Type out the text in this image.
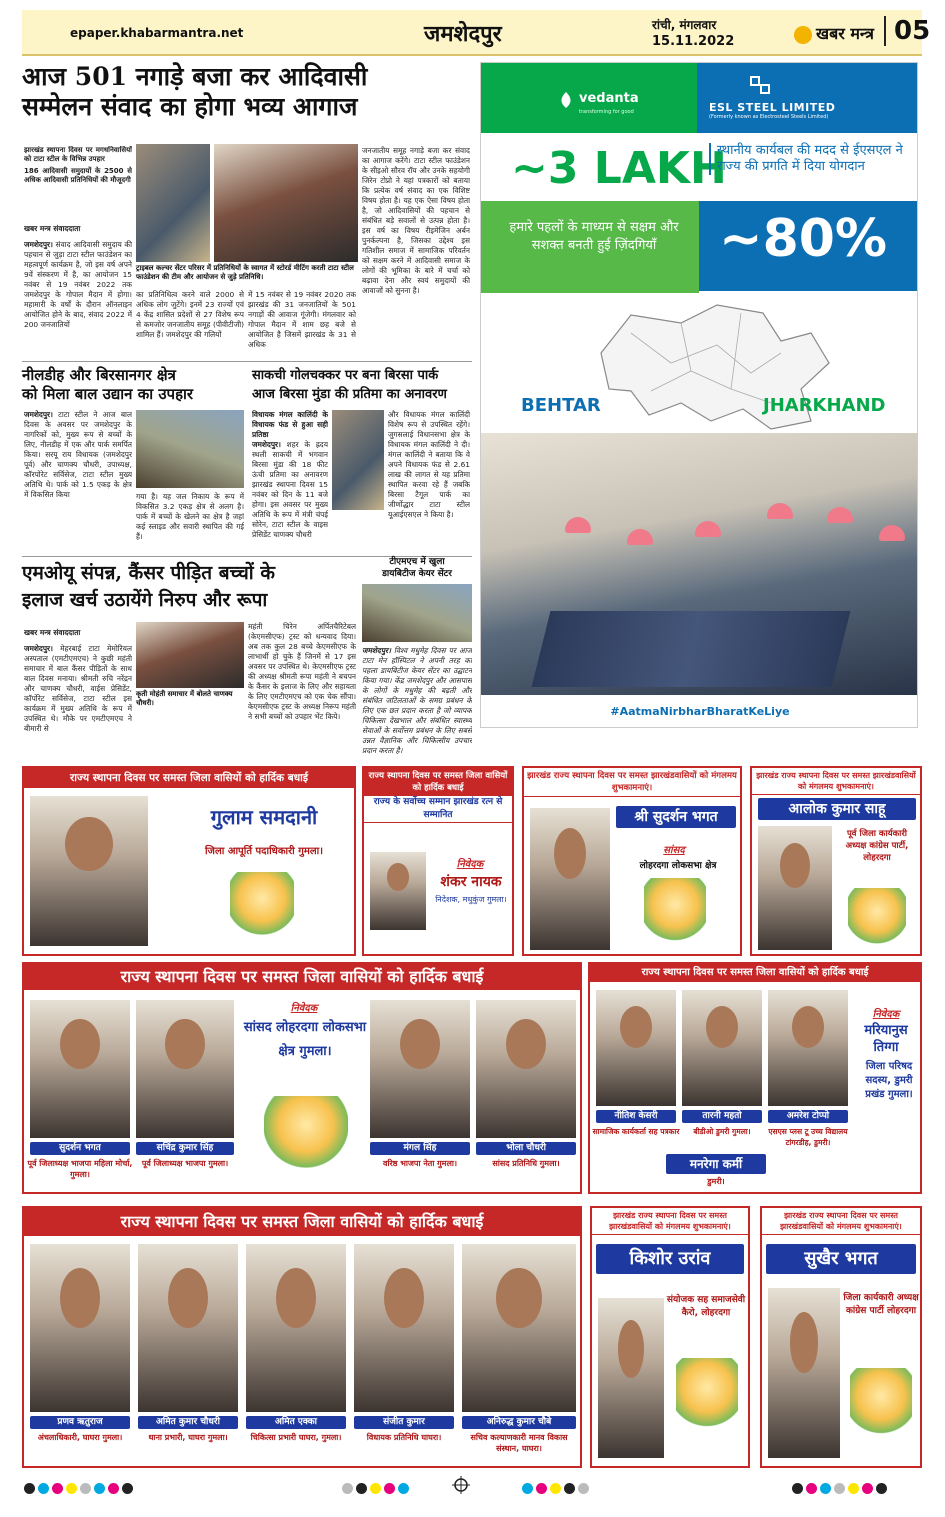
epaper.khabarmantra.net	जमशेदपुर	रांची, मंगलवार
15.11.2022	खबर मन्त्र 05
आज 501 नगाड़े बजा कर आदिवासी
सम्मेलन संवाद का होगा भव्य आगाज

झारखंड स्थापना दिवस पर मगधनिवासियों को टाटा स्टील के विभिन्न उपहार

186 आदिवासी समुदायों के 2500 से अधिक आदिवासी प्रतिनिधियों की मौजूदगी

खबर मन्त्र संवाददाता
जमशेदपुर। संवाद आदिवासी समुदाय की पहचान से जुड़ा टाटा स्टील फाउंडेशन का महत्वपूर्ण कार्यक्रम है, जो इस वर्ष अपने 9वें संस्करण में है, का आयोजन 15 नवंबर से 19 नवंबर 2022 तक जमशेदपुर के गोपाल मैदान में होगा। महामारी के वर्षों के दौरान ऑनलाइन आयोजित होने के बाद, संवाद 2022 में 200 जनजातियों
ट्राइबल कल्चर सेंटर परिसर में प्रतिनिधियों के स्वागत में स्टोरर्ड मीटिंग करती टाटा स्टील फाउंडेशन की टीम और आयोजन से जुड़े प्रतिनिधि।
का प्रतिनिधित्व करने वाले 2000 से अधिक लोग जुटेंगे। इनमें 23 राज्यों एवं 4 केंद्र शासित प्रदेशों से 27 विशेष रूप से कमजोर जनजातीय समूह (पीवीटीजी) शामिल हैं। जमशेदपुर की गलियों
में 15 नवंबर से 19 नवंबर 2020 तक झारखंड की 31 जनजातियों के 501 नगाड़ों की आवाज गूंजेगी। मंगलवार को गोपाल मैदान में शाम छह बजे से आयोजित है जिसमें झारखंड के 31 से अधिक
जनजातीय समूह नगाड़े बजा कर संवाद का आगाज करेंगे। टाटा स्टील फाउंडेशन के सीइओ सौरव रॉय और उनके सहयोगी जिरेन टोप्नो ने यहां पत्रकारों को बताया कि प्रत्येक वर्ष संवाद का एक विशिष्ट विषय होता है। यह एक ऐसा विषय होता है, जो आदिवासियों की पहचान से संबंधित बड़े सवालों से उत्पन्न होता है। इस वर्ष का विषय रीइमेजिन अर्बन पुनर्कल्पना है, जिसका उद्देश्य इस गतिशील समाज में सामाजिक परिवर्तन को सक्षम करने में आदिवासी समाज के लोगों की भूमिका के बारे में चर्चा को बढ़ावा देना और स्वयं समुदायों की आवाजों को सुनना है।
नीलडीह और बिरसानगर क्षेत्र
को मिला बाल उद्यान का उपहार
जमशेदपुर। टाटा स्टील ने आज बाल दिवस के अवसर पर जमशेदपुर के नागरिकों को, मुख्य रूप से बच्चों के लिए, नीलडीह में एक और पार्क समर्पित किया। सरयू राय विधायक (जमशेदपुर पूर्व) और चाणक्य चौधरी, उपाध्यक्ष, कॉरपोरेट सर्विसेज, टाटा स्टील मुख्य अतिथि थे। पार्क को 1.5 एकड़ के क्षेत्र में विकसित किया	गया है। यह जल निकाय के रूप में विकसित 3.2 एकड़ क्षेत्र से अलग है। पार्क में बच्चों के खेलने का क्षेत्र है जहां कई स्लाइड और सवारी स्थापित की गई हैं।
साकची गोलचक्कर पर बना बिरसा पार्क
आज बिरसा मुंडा की प्रतिमा का अनावरण
विधायक मंगल कालिंदी के विधायक फंड से हुआ सही प्रतिष्ठा
जमशेदपुर। शहर के ह्रदय स्थली साकची में भगवान बिरसा मुंडा की 18 फीट ऊंची प्रतिमा का अनावरण झारखंड स्थापना दिवस 15 नवंबर को दिन के 11 बजे होगा। इस अवसर पर मुख्य अतिथि के रूप में मंत्री चंपई सोरेन, टाटा स्टील के वाइस प्रेसिडेंट चाणक्य चौधरी
और विधायक मंगल कालिंदी विशेष रूप से उपस्थित रहेंगे। जुगसलाई विधानसभा क्षेत्र के विधायक मंगल कालिंदी ने दी। मंगल कालिंदी ने बताया कि वे अपने विधायक फंड से 2.61 लाख की लागत से यह प्रतिमा स्थापित करवा रहे हैं जबकि बिरसा टैगूल पार्क का जीर्णोद्धार टाटा स्टील यूआईएसएल ने किया है।
एमओयू संपन्न, कैंसर पीड़ित बच्चों के
इलाज खर्च उठायेंगे निरुप और रूपा
खबर मन्त्र संवाददाता
जमशेदपुर। मेहरबाई टाटा मेमोरियल अस्पताल (एमटीएमएच) ने कुछी महंती समाचार में बाल कैंसर पीड़ितों के साथ बाल दिवस मनाया। श्रीमती रुचि नरेंद्रन और चाणक्य चौधरी, वाईस प्रेसिडेंट, कॉर्पोरेट सर्विसेज, टाटा स्टील इस कार्यक्रम में मुख्य अतिथि के रूप में उपस्थित थे। मौके पर एमटीएमएच ने बीमारी से
कृती मोहंती समाचार में बोलते चाणक्य चौधरी।
महंती चिरेन अर्पितचैरिटेबल (केएमसीएफ) ट्रस्ट को धन्यवाद दिया। अब तक कुल 28 बच्चे केएमसीएफ के लाभार्थी हो चुके हैं जिनमें से 17 इस अवसर पर उपस्थित थे। केएमसीएफ ट्रस्ट की अध्यक्ष श्रीमती रूपा महंती ने बचपन के कैंसर के इलाज के लिए और सहायता के लिए एमटीएमएच को एक चेक सौंपा। केएमसीएफ ट्रस्ट के अध्यक्ष निरूप महंती ने सभी बच्चों को उपहार भेंट किये।
टीएमएच में खुला
डायबिटीज केयर सेंटर
जमशेदपुर। विश्व मधुमेह दिवस पर आज टाटा मेन हॉस्पिटल ने अपनी तरह का पहला डायबिटीज केयर सेंटर का उद्घाटन किया गया। केंद्र जमशेदपुर और आसपास के लोगों के मधुमेह की बढ़ती और संबंधित जटिलताओं के समग्र प्रबंधन के लिए एक छत प्रदान करता है जो व्यापक चिकित्सा देखभाल और संबंधित स्वास्थ्य सेवाओं के सर्वोत्तम प्रबंधन के लिए सबसे उन्नत वैज्ञानिक और चिकित्सीय उपचार प्रदान करता है।
vedanta
transforming for good	ESL STEEL LIMITED
(Formerly known as Electrosteel Steels Limited)
~3 LAKH
स्थानीय कार्यबल की मदद से ईएसएल ने राज्य की प्रगति में दिया योगदान

हमारे पहलों के माध्यम से सक्षम और सशक्त बनती हुई ज़िंदगियाँ	~80%
BEHTAR	JHARKHAND
#AatmaNirbharBharatKeLiye
राज्य स्थापना दिवस पर समस्त जिला वासियों को हार्दिक बधाई
गुलाम समदानी
जिला आपूर्ति पदाधिकारी गुमला।
राज्य स्थापना दिवस पर समस्त जिला वासियों को हार्दिक बधाई
राज्य के सर्वोच्च सम्मान झारखंड रत्न से सम्मानित
निवेदक
शंकर नायक
निदेशक, मधुकुंज गुमला।
झारखंड राज्य स्थापना दिवस पर समस्त झारखंडवासियों को मंगलमय शुभकामनाएं।
श्री सुदर्शन भगत
सांसद
लोहरदगा लोकसभा क्षेत्र
झारखंड राज्य स्थापना दिवस पर समस्त झारखंडवासियों को मंगलमय शुभकामनाएं।
आलोक कुमार साहू
पूर्व जिला कार्यकारी अध्यक्ष कांग्रेस पार्टी, लोहरदगा
राज्य स्थापना दिवस पर समस्त जिला वासियों को हार्दिक बधाई
निवेदक
सांसद लोहरदगा लोकसभा क्षेत्र गुमला।
सुदर्शन भगत
पूर्व जिलाध्यक्ष भाजपा महिला मोर्चा, गुमला।
सचिंद्र कुमार सिंह
पूर्व जिलाध्यक्ष भाजपा गुमला।
मंगल सिंह
वरिष्ठ भाजपा नेता गुमला।
भोला चौधरी
सांसद प्रतिनिधि गुमला।
राज्य स्थापना दिवस पर समस्त जिला वासियों को हार्दिक बधाई
निवेदक
मरियानुस तिग्गा
जिला परिषद सदस्य, डुमरी प्रखंड गुमला।
नीतिश केसरी
सामाजिक कार्यकर्ता सह पत्रकार
तारनी महतो
बीडीओ डुमरी गुमला।
अमरेश टोप्पो
एसएस प्लस टू उच्च विद्यालय टांगरडीह, डुमरी।
मनरेगा कर्मी
डुमरी।
राज्य स्थापना दिवस पर समस्त जिला वासियों को हार्दिक बधाई
प्रणव ऋतुराज
अंचलाधिकारी, घाघरा गुमला।
अमित कुमार चौधरी
थाना प्रभारी, घाघरा गुमला।
अमित एक्का
चिकित्सा प्रभारी घाघरा, गुमला।
संजीत कुमार
विधायक प्रतिनिधि घाघरा।
अनिरुद्ध कुमार चौबे
सचिव कल्याणकारी मानव विकास संस्थान, घाघरा।
झारखंड राज्य स्थापना दिवस पर समस्त झारखंडवासियों को मंगलमय शुभकामनाएं।
किशोर उरांव
संयोजक सह समाजसेवी कैरो, लोहरदगा
झारखंड राज्य स्थापना दिवस पर समस्त झारखंडवासियों को मंगलमय शुभकामनाएं।
सुखैर भगत
जिला कार्यकारी अध्यक्ष कांग्रेस पार्टी लोहरदगा
